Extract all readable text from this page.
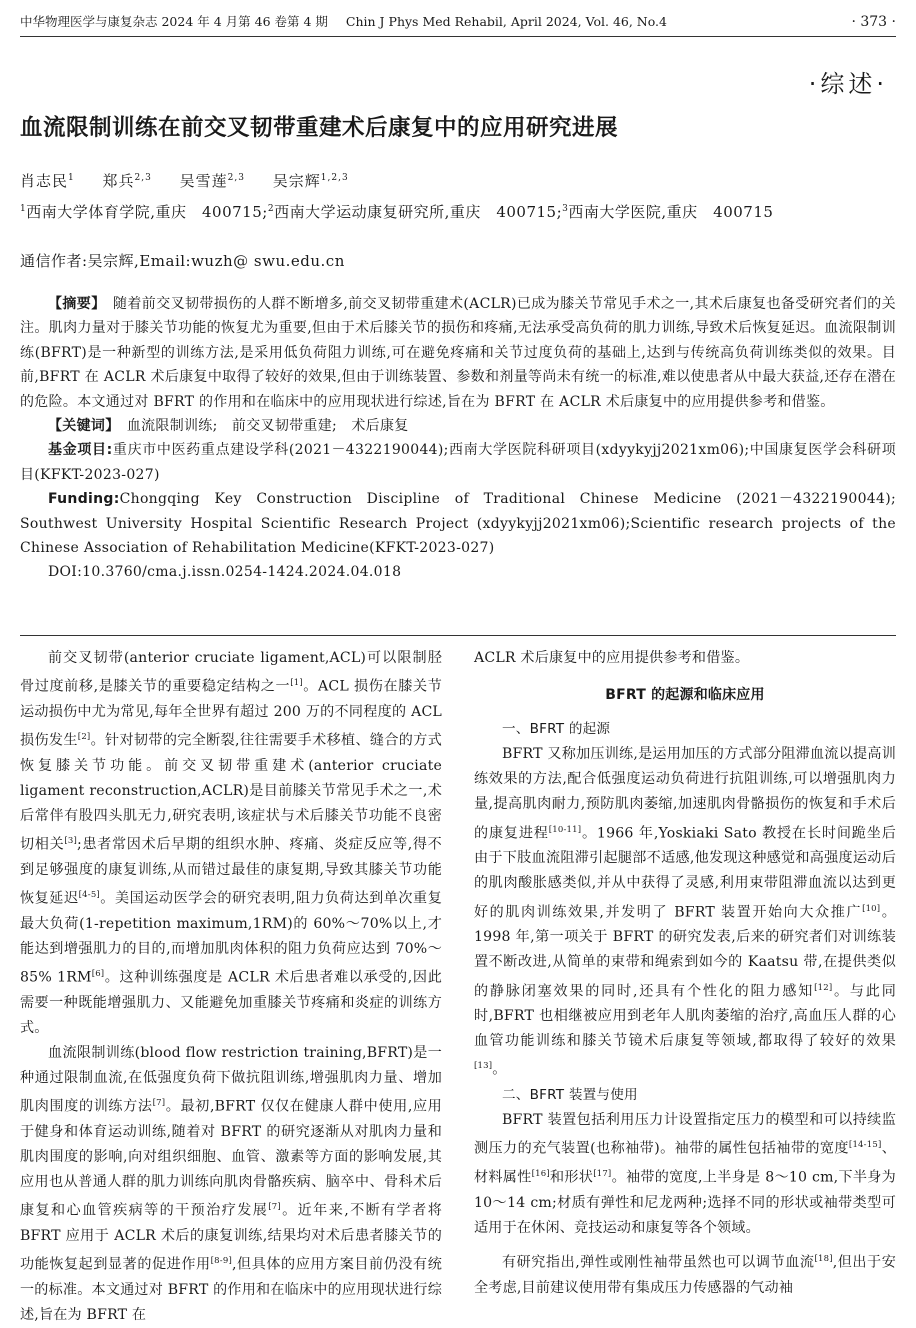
中华物理医学与康复杂志 2024 年 4 月第 46 卷第 4 期 Chin J Phys Med Rehabil, April 2024, Vol. 46, No.4	· 373 ·
·综述·
血流限制训练在前交叉韧带重建术后康复中的应用研究进展
肖志民$^1$ 郑兵$^{2,3}$ 吴雪莲$^{2,3}$ 吴宗辉$^{1,2,3}$
$^1$西南大学体育学院,重庆　400715;$^2$西南大学运动康复研究所,重庆　400715;$^3$西南大学医院,重庆　400715
通信作者:吴宗辉,Email:wuzh@ swu.edu.cn

【摘要】　 随着前交叉韧带损伤的人群不断增多,前交叉韧带重建术(ACLR)已成为膝关节常见手术之一,其术后康复也备受研究者们的关注。肌肉力量对于膝关节功能的恢复尤为重要,但由于术后膝关节的损伤和疼痛,无法承受高负荷的肌力训练,导致术后恢复延迟。血流限制训练(BFRT)是一种新型的训练方法,是采用低负荷阻力训练,可在避免疼痛和关节过度负荷的基础上,达到与传统高负荷训练类似的效果。目前,BFRT 在 ACLR 术后康复中取得了较好的效果,但由于训练装置、参数和剂量等尚未有统一的标准,难以使患者从中最大获益,还存在潜在的危险。本文通过对 BFRT 的作用和在临床中的应用现状进行综述,旨在为 BFRT 在 ACLR 术后康复中的应用提供参考和借鉴。

【关键词】　 血流限制训练;　前交叉韧带重建;　术后康复

基金项目:重庆市中医药重点建设学科(2021－4322190044);西南大学医院科研项目(xdyykyjj2021xm06);中国康复医学会科研项目(KFKT-2023-027)

Funding:Chongqing Key Construction Discipline of Traditional Chinese Medicine (2021－4322190044); Southwest University Hospital Scientific Research Project (xdyykyjj2021xm06);Scientific research projects of the Chinese Association of Rehabilitation Medicine(KFKT-2023-027)

DOI:10.3760/cma.j.issn.0254-1424.2024.04.018

前交叉韧带(anterior cruciate ligament,ACL)可以限制胫骨过度前移,是膝关节的重要稳定结构之一[1]。ACL 损伤在膝关节运动损伤中尤为常见,每年全世界有超过 200 万的不同程度的 ACL 损伤发生[2]。针对韧带的完全断裂,往往需要手术移植、缝合的方式恢复膝关节功能。前交叉韧带重建术(anterior cruciate ligament reconstruction,ACLR)是目前膝关节常见手术之一,术后常伴有股四头肌无力,研究表明,该症状与术后膝关节功能不良密切相关[3];患者常因术后早期的组织水肿、疼痛、炎症反应等,得不到足够强度的康复训练,从而错过最佳的康复期,导致其膝关节功能恢复延迟[4-5]。美国运动医学会的研究表明,阻力负荷达到单次重复最大负荷(1-repetition maximum,1RM)的 60%～70%以上,才能达到增强肌力的目的,而增加肌肉体积的阻力负荷应达到 70%～85% 1RM[6]。这种训练强度是 ACLR 术后患者难以承受的,因此需要一种既能增强肌力、又能避免加重膝关节疼痛和炎症的训练方式。

血流限制训练(blood flow restriction training,BFRT)是一种通过限制血流,在低强度负荷下做抗阻训练,增强肌肉力量、增加肌肉围度的训练方法[7]。最初,BFRT 仅仅在健康人群中使用,应用于健身和体育运动训练,随着对 BFRT 的研究逐渐从对肌肉力量和肌肉围度的影响,向对组织细胞、血管、激素等方面的影响发展,其应用也从普通人群的肌力训练向肌肉骨骼疾病、脑卒中、骨科术后康复和心血管疾病等的干预治疗发展[7]。近年来,不断有学者将 BFRT 应用于 ACLR 术后的康复训练,结果均对术后患者膝关节的功能恢复起到显著的促进作用[8-9],但具体的应用方案目前仍没有统一的标准。本文通过对 BFRT 的作用和在临床中的应用现状进行综述,旨在为 BFRT 在

ACLR 术后康复中的应用提供参考和借鉴。

BFRT 的起源和临床应用

一、BFRT 的起源

BFRT 又称加压训练,是运用加压的方式部分阻滞血流以提高训练效果的方法,配合低强度运动负荷进行抗阻训练,可以增强肌肉力量,提高肌肉耐力,预防肌肉萎缩,加速肌肉骨骼损伤的恢复和手术后的康复进程[10-11]。1966 年,Yoskiaki Sato 教授在长时间跪坐后由于下肢血流阻滞引起腿部不适感,他发现这种感觉和高强度运动后的肌肉酸胀感类似,并从中获得了灵感,利用束带阻滞血流以达到更好的肌肉训练效果,并发明了 BFRT 装置开始向大众推广[10]。1998 年,第一项关于 BFRT 的研究发表,后来的研究者们对训练装置不断改进,从简单的束带和绳索到如今的 Kaatsu 带,在提供类似的静脉闭塞效果的同时,还具有个性化的阻力感知[12]。与此同时,BFRT 也相继被应用到老年人肌肉萎缩的治疗,高血压人群的心血管功能训练和膝关节镜术后康复等领域,都取得了较好的效果[13]。

二、BFRT 装置与使用

BFRT 装置包括利用压力计设置指定压力的模型和可以持续监测压力的充气装置(也称袖带)。袖带的属性包括袖带的宽度[14-15]、材料属性[16]和形状[17]。袖带的宽度,上半身是 8～10 cm,下半身为 10～14 cm;材质有弹性和尼龙两种;选择不同的形状或袖带类型可适用于在休闲、竞技运动和康复等各个领域。

有研究指出,弹性或刚性袖带虽然也可以调节血流[18],但出于安全考虑,目前建议使用带有集成压力传感器的气动袖
